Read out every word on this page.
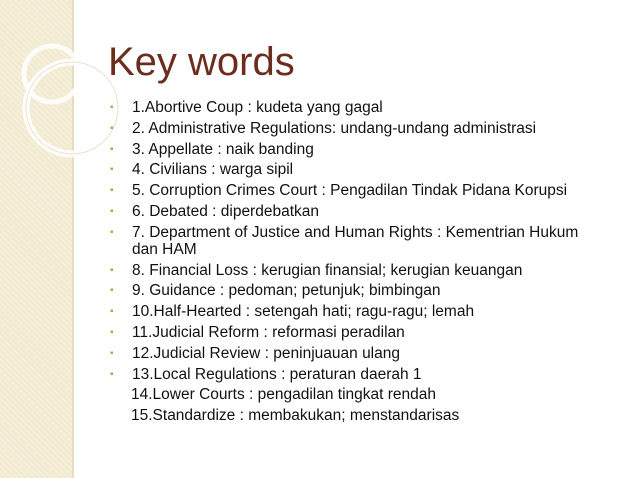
Key words
▪ 1.Abortive Coup : kudeta yang gagal
▪ 2. Administrative Regulations: undang-undang administrasi
▪ 3. Appellate : naik banding
▪ 4. Civilians : warga sipil
▪ 5. Corruption Crimes Court : Pengadilan Tindak Pidana Korupsi
▪ 6. Debated : diperdebatkan
▪ 7. Department of Justice and Human Rights : Kementrian Hukum dan HAM
▪ 8. Financial Loss : kerugian finansial; kerugian keuangan
▪ 9. Guidance : pedoman; petunjuk; bimbingan
▪ 10.Half-Hearted : setengah hati; ragu-ragu; lemah
▪ 11.Judicial Reform : reformasi peradilan
▪ 12.Judicial Review : peninjuauan ulang
▪ 13.Local Regulations : peraturan daerah 1
14.Lower Courts : pengadilan tingkat rendah
15.Standardize : membakukan; menstandarisas
